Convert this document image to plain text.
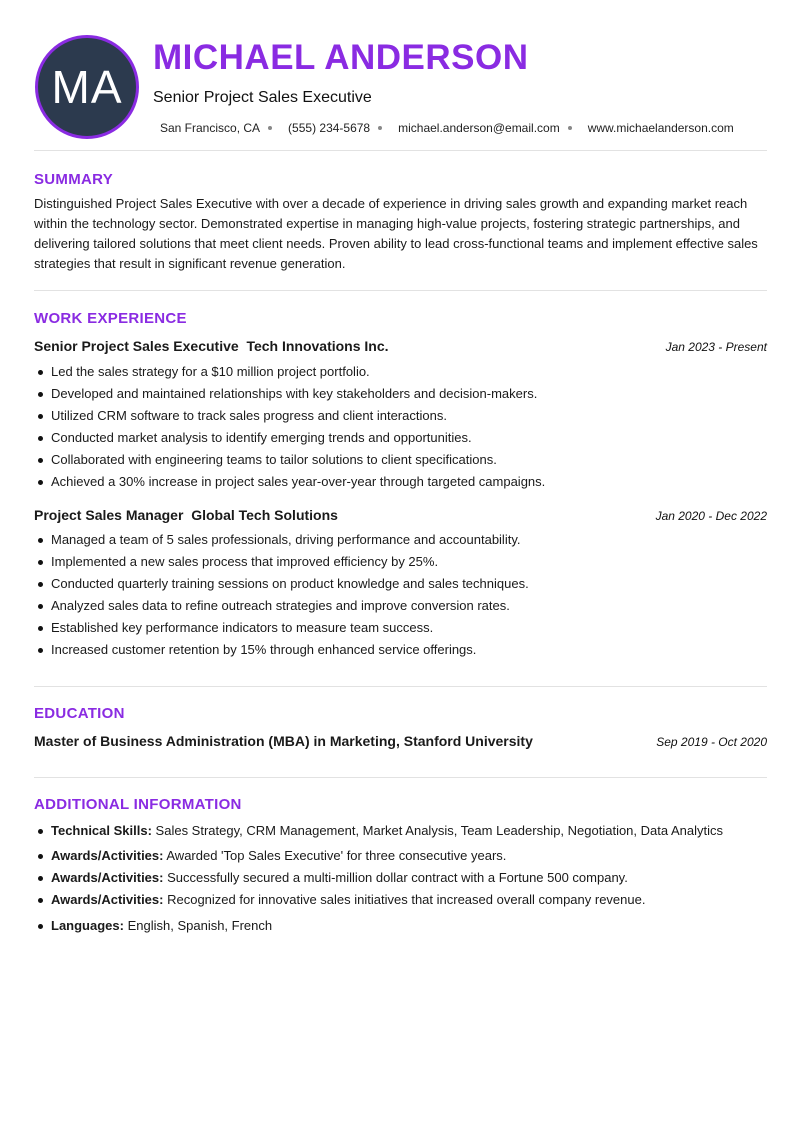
MA
MICHAEL ANDERSON
Senior Project Sales Executive
San Francisco, CA (555) 234-5678 michael.anderson@email.com www.michaelanderson.com
SUMMARY

Distinguished Project Sales Executive with over a decade of experience in driving sales growth and expanding market reach within the technology sector. Demonstrated expertise in managing high-value projects, fostering strategic partnerships, and delivering tailored solutions that meet client needs. Proven ability to lead cross-functional teams and implement effective sales strategies that result in significant revenue generation.

WORK EXPERIENCE
Senior Project Sales Executive Tech Innovations Inc.	Jan 2023 - Present
Led the sales strategy for a $10 million project portfolio.
Developed and maintained relationships with key stakeholders and decision-makers.
Utilized CRM software to track sales progress and client interactions.
Conducted market analysis to identify emerging trends and opportunities.
Collaborated with engineering teams to tailor solutions to client specifications.
Achieved a 30% increase in project sales year-over-year through targeted campaigns.
Project Sales Manager Global Tech Solutions	Jan 2020 - Dec 2022
Managed a team of 5 sales professionals, driving performance and accountability.
Implemented a new sales process that improved efficiency by 25%.
Conducted quarterly training sessions on product knowledge and sales techniques.
Analyzed sales data to refine outreach strategies and improve conversion rates.
Established key performance indicators to measure team success.
Increased customer retention by 15% through enhanced service offerings.
EDUCATION
Master of Business Administration (MBA) in Marketing, Stanford University	Sep 2019 - Oct 2020
ADDITIONAL INFORMATION
Technical Skills: Sales Strategy, CRM Management, Market Analysis, Team Leadership, Negotiation, Data Analytics
Awards/Activities: Awarded 'Top Sales Executive' for three consecutive years.
Awards/Activities: Successfully secured a multi-million dollar contract with a Fortune 500 company.
Awards/Activities: Recognized for innovative sales initiatives that increased overall company revenue.
Languages: English, Spanish, French
